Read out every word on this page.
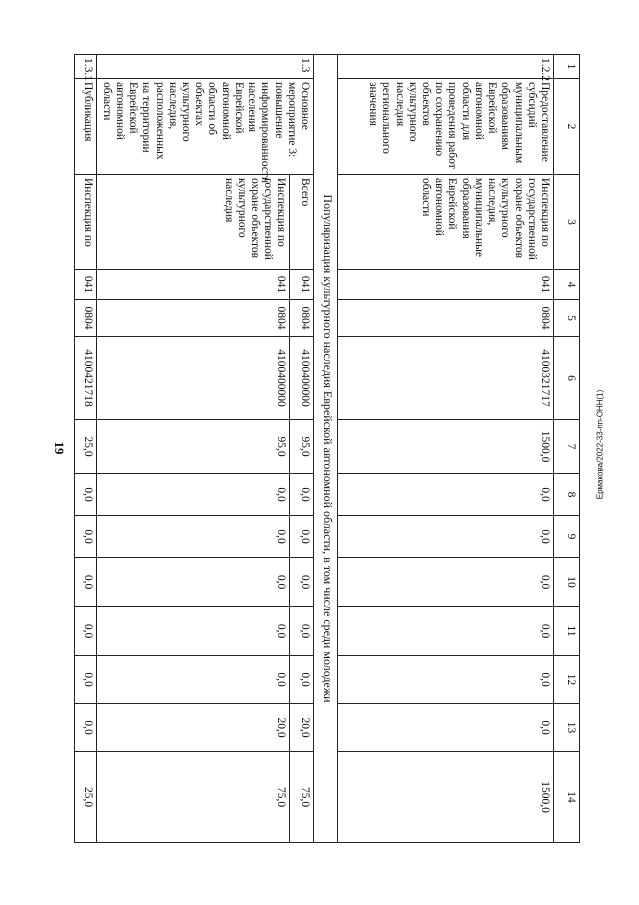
19	Ермакова/2022-33-пп-ОНН(1)
1	2	3	4	5	6	7	8	9	10	11	12	13	14
1.2.2	Предоставление субсидий муниципальным образованиям Еврейской автономной области для проведения работ по сохранению объектов культурного наследия регионального значения	Инспекция по государственной охране объектов культурного наследия, муниципальные образования Еврейской автономной области	041	0804	4100321717	1500,0	0,0	0,0	0,0	0,0	0,0	0,0	1500,0
Популяризация культурного наследия Еврейской автономной области, в том числе среди молодежи													
1.3	Основное мероприятие 3: повышение информированности населения Еврейской автономной области об объектах культурного наследия, расположенных на территории Еврейской автономной области	Всего	041	0804	4100400000	95,0	0,0	0,0	0,0	0,0	0,0	20,0	75,0
		Инспекция по государственной охране объектов культурного наследия	041	0804	4100400000	95,0	0,0	0,0	0,0	0,0	0,0	20,0	75,0
1.3.1	Публикация	Инспекция по	041	0804	4100421718	25,0	0,0	0,0	0,0	0,0	0,0	0,0	25,0
